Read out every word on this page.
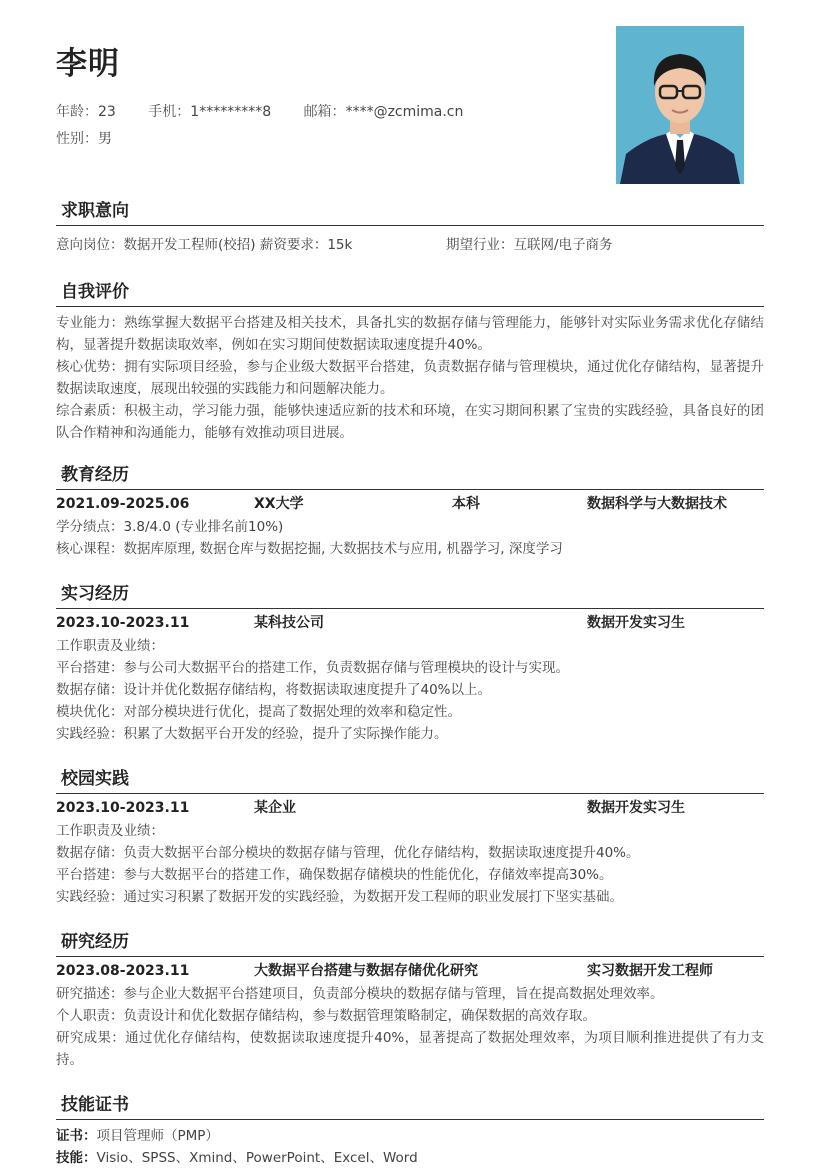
李明
年龄：23 手机：1*********8 邮箱：****@zcmima.cn
性别：男
求职意向
意向岗位：数据开发工程师(校招) 薪资要求：15k	期望行业：互联网/电子商务
自我评价
专业能力：熟练掌握大数据平台搭建及相关技术，具备扎实的数据存储与管理能力，能够针对实际业务需求优化存储结构，显著提升数据读取效率，例如在实习期间使数据读取速度提升40%。
核心优势：拥有实际项目经验，参与企业级大数据平台搭建，负责数据存储与管理模块，通过优化存储结构，显著提升数据读取速度，展现出较强的实践能力和问题解决能力。
综合素质：积极主动，学习能力强，能够快速适应新的技术和环境，在实习期间积累了宝贵的实践经验，具备良好的团队合作精神和沟通能力，能够有效推动项目进展。
教育经历
2021.09-2025.06	XX大学	本科	数据科学与大数据技术
学分绩点：3.8/4.0 (专业排名前10%)
核心课程：数据库原理, 数据仓库与数据挖掘, 大数据技术与应用, 机器学习, 深度学习
实习经历
2023.10-2023.11	某科技公司	数据开发实习生
工作职责及业绩：
平台搭建：参与公司大数据平台的搭建工作，负责数据存储与管理模块的设计与实现。
数据存储：设计并优化数据存储结构，将数据读取速度提升了40%以上。
模块优化：对部分模块进行优化，提高了数据处理的效率和稳定性。
实践经验：积累了大数据平台开发的经验，提升了实际操作能力。
校园实践
2023.10-2023.11	某企业	数据开发实习生
工作职责及业绩：
数据存储：负责大数据平台部分模块的数据存储与管理，优化存储结构，数据读取速度提升40%。
平台搭建：参与大数据平台的搭建工作，确保数据存储模块的性能优化，存储效率提高30%。
实践经验：通过实习积累了数据开发的实践经验，为数据开发工程师的职业发展打下坚实基础。
研究经历
2023.08-2023.11	大数据平台搭建与数据存储优化研究	实习数据开发工程师
研究描述：参与企业大数据平台搭建项目，负责部分模块的数据存储与管理，旨在提高数据处理效率。
个人职责：负责设计和优化数据存储结构，参与数据管理策略制定，确保数据的高效存取。
研究成果：通过优化存储结构，使数据读取速度提升40%，显著提高了数据处理效率，为项目顺利推进提供了有力支持。
技能证书
证书：项目管理师（PMP）
技能：Visio、SPSS、Xmind、PowerPoint、Excel、Word
